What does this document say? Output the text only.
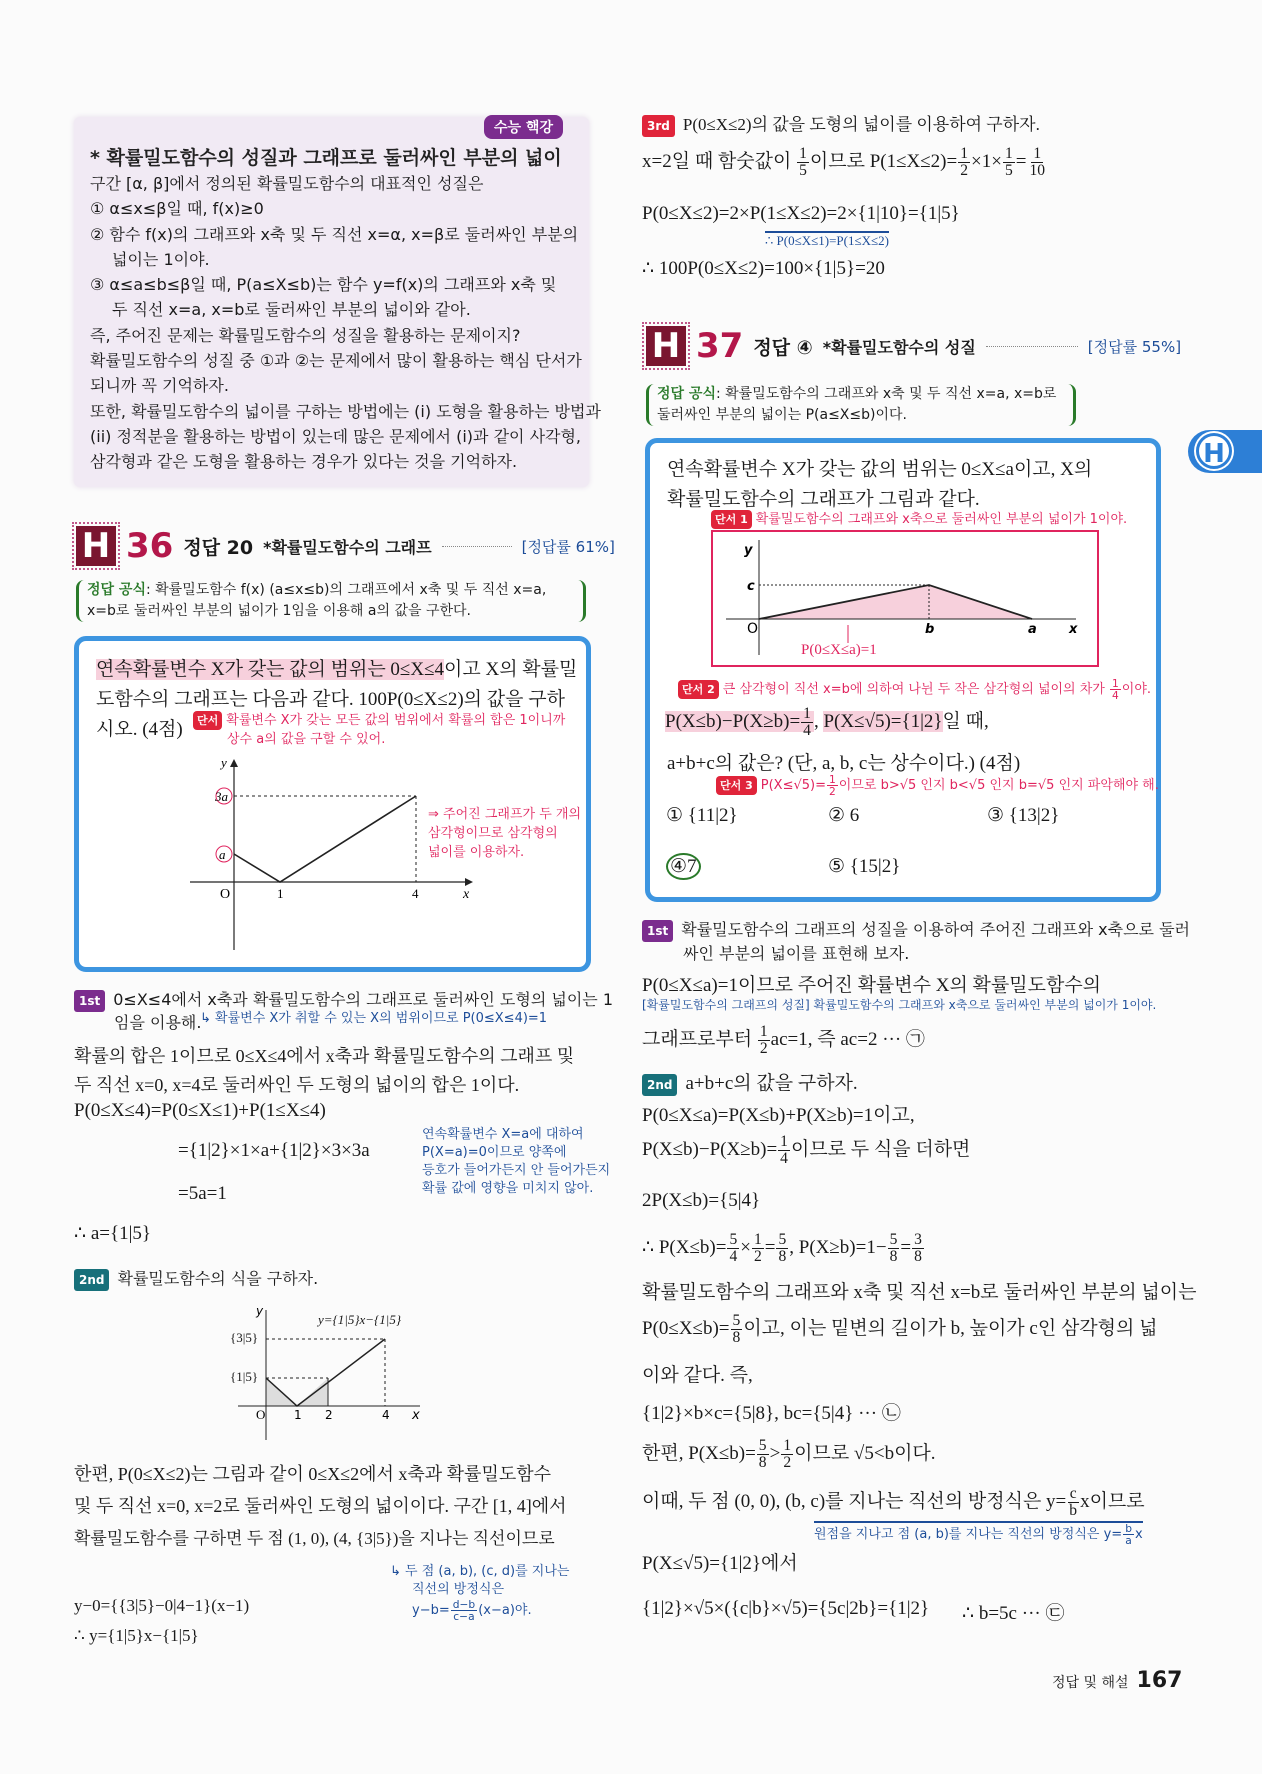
수능 핵강
* 확률밀도함수의 성질과 그래프로 둘러싸인 부분의 넓이
구간 [α, β]에서 정의된 확률밀도함수의 대표적인 성질은
① α≤x≤β일 때, f(x)≥0
② 함수 f(x)의 그래프와 x축 및 두 직선 x=α, x=β로 둘러싸인 부분의
넓이는 1이야.
③ α≤a≤b≤β일 때, P(a≤X≤b)는 함수 y=f(x)의 그래프와 x축 및
두 직선 x=a, x=b로 둘러싸인 부분의 넓이와 같아.
즉, 주어진 문제는 확률밀도함수의 성질을 활용하는 문제이지?
확률밀도함수의 성질 중 ①과 ②는 문제에서 많이 활용하는 핵심 단서가
되니까 꼭 기억하자.
또한, 확률밀도함수의 넓이를 구하는 방법에는 (i) 도형을 활용하는 방법과
(ii) 정적분을 활용하는 방법이 있는데 많은 문제에서 (i)과 같이 사각형,
삼각형과 같은 도형을 활용하는 경우가 있다는 것을 기억하자.
H 36 정답 20 *확률밀도함수의 그래프	[정답률 61%]
정답 공식: 확률밀도함수 f(x) (a≤x≤b)의 그래프에서 x축 및 두 직선 x=a,
x=b로 둘러싸인 부분의 넓이가 1임을 이용해 a의 값을 구한다.
연속확률변수 X가 갖는 값의 범위는 0≤X≤4이고 X의 확률밀
도함수의 그래프는 다음과 같다. 100P(0≤X≤2)의 값을 구하
시오. (4점)	단서 확률변수 X가 갖는 모든 값의 범위에서 확률의 합은 1이니까
상수 a의 값을 구할 수 있어.
3a
a
O	1	4	x
y
⇒ 주어진 그래프가 두 개의
삼각형이므로 삼각형의
넓이를 이용하자.
1st 0≤X≤4에서 x축과 확률밀도함수의 그래프로 둘러싸인 도형의 넓이는 1
임을 이용해.
↳ 확률변수 X가 취할 수 있는 X의 범위이므로 P(0≤X≤4)=1
확률의 합은 1이므로 0≤X≤4에서 x축과 확률밀도함수의 그래프 및
두 직선 x=0, x=4로 둘러싸인 두 도형의 넓이의 합은 1이다.
P(0≤X≤4)=P(0≤X≤1)+P(1≤X≤4)
={1|2}×1×a+{1|2}×3×3a
=5a=1
∴ a={1|5}
연속확률변수 X=a에 대하여
P(X=a)=0이므로 양쪽에
등호가 들어가든지 안 들어가든지
확률 값에 영향을 미치지 않아.
2nd 확률밀도함수의 식을 구하자.
O 1 2	4 x
y
{3|5}
{1|5}
y={1|5}x−{1|5}
한편, P(0≤X≤2)는 그림과 같이 0≤X≤2에서 x축과 확률밀도함수
및 두 직선 x=0, x=2로 둘러싸인 도형의 넓이이다. 구간 [1, 4]에서
확률밀도함수를 구하면 두 점 (1, 0), (4, {3|5})을 지나는 직선이므로
↳ 두 점 (a, b), (c, d)를 지나는
직선의 방정식은
$y-b= \frac{d-b}{c-a} (x-a)$야.
y−0={{3|5}−0|4−1}(x−1)
∴ y={1|5}x−{1|5}
3rd P(0≤X≤2)의 값을 도형의 넓이를 이용하여 구하자.
x=2일 때 함숫값이 $\frac{1}{5}$ 이므로 $P(1\le X\le 2)= \frac{1}{2} \times 1\times \frac{1}{5} = \frac{1}{10}$
P(0≤X≤2)=2×P(1≤X≤2)=2×{1|10}={1|5}
∴ P(0≤X≤1)=P(1≤X≤2)
∴ 100P(0≤X≤2)=100×{1|5}=20
H 37 정답 ④ *확률밀도함수의 성질	[정답률 55%]
정답 공식: 확률밀도함수의 그래프와 x축 및 두 직선 x=a, x=b로
둘러싸인 부분의 넓이는 P(a≤X≤b)이다.
연속확률변수 X가 갖는 값의 범위는 0≤X≤a이고, X의
확률밀도함수의 그래프가 그림과 같다.
단서 1 확률밀도함수의 그래프와 x축으로 둘러싸인 부분의 넓이가 1이야.
y
c
O	b	a x
P(0≤X≤a)=1
단서 2 큰 삼각형이 직선 x=b에 의하여 나뉜 두 작은 삼각형의 넓이의 차가 $\frac{1}{4}$ 이야.
$P(X\le b)-P(X\ge b)= \frac{1}{4}$ , P(X≤√5)={1|2}일 때,
a+b+c의 값은? (단, a, b, c는 상수이다.) (4점)
단서 3 $P(X\le√5)= \frac{1}{2}$ 이므로 b>√5 인지 b<√5 인지 b=√5 인지 파악해야 해.
① {11|2}	② 6	③ {13|2}
④7	⑤ {15|2}
1st 확률밀도함수의 그래프의 성질을 이용하여 주어진 그래프와 x축으로 둘러
싸인 부분의 넓이를 표현해 보자.
P(0≤X≤a)=1이므로 주어진 확률변수 X의 확률밀도함수의
[확률밀도함수의 그래프의 성질] 확률밀도함수의 그래프와 x축으로 둘러싸인 부분의 넓이가 1이야.
그래프로부터 $\frac{1}{2} ac=1$, 즉 ac=2 ··· ㉠
2nd a+b+c의 값을 구하자.
P(0≤X≤a)=P(X≤b)+P(X≥b)=1이고,
$P(X\le b)-P(X\ge b)= \frac{1}{4}$ 이므로 두 식을 더하면
2P(X≤b)={5|4}
∴ $P(X\le b)= \frac{5}{4} \times \frac{1}{2} = \frac{5}{8}$ , $P(X\ge b)=1- \frac{5}{8} = \frac{3}{8}$
확률밀도함수의 그래프와 x축 및 직선 x=b로 둘러싸인 부분의 넓이는
$P(0\le X\le b)= \frac{5}{8}$ 이고, 이는 밑변의 길이가 b, 높이가 c인 삼각형의 넓
이와 같다. 즉,
{1|2}×b×c={5|8}, bc={5|4} ··· ㉡
한편, $P(X\le b)= \frac{5}{8} > \frac{1}{2}$ 이므로 √5<b이다.
이때, 두 점 (0, 0), (b, c)를 지나는 직선의 방정식은 $y= \frac{c}{b}$ x이므로
원점을 지나고 점 (a, b)를 지나는 직선의 방정식은 $y= \frac{b}{a}$ x
P(X≤√5)={1|2}에서
{1|2}×√5×({c|b}×√5)={5c|2b}={1|2} ∴ b=5c ··· ㉢
정답 및 해설 167
H
